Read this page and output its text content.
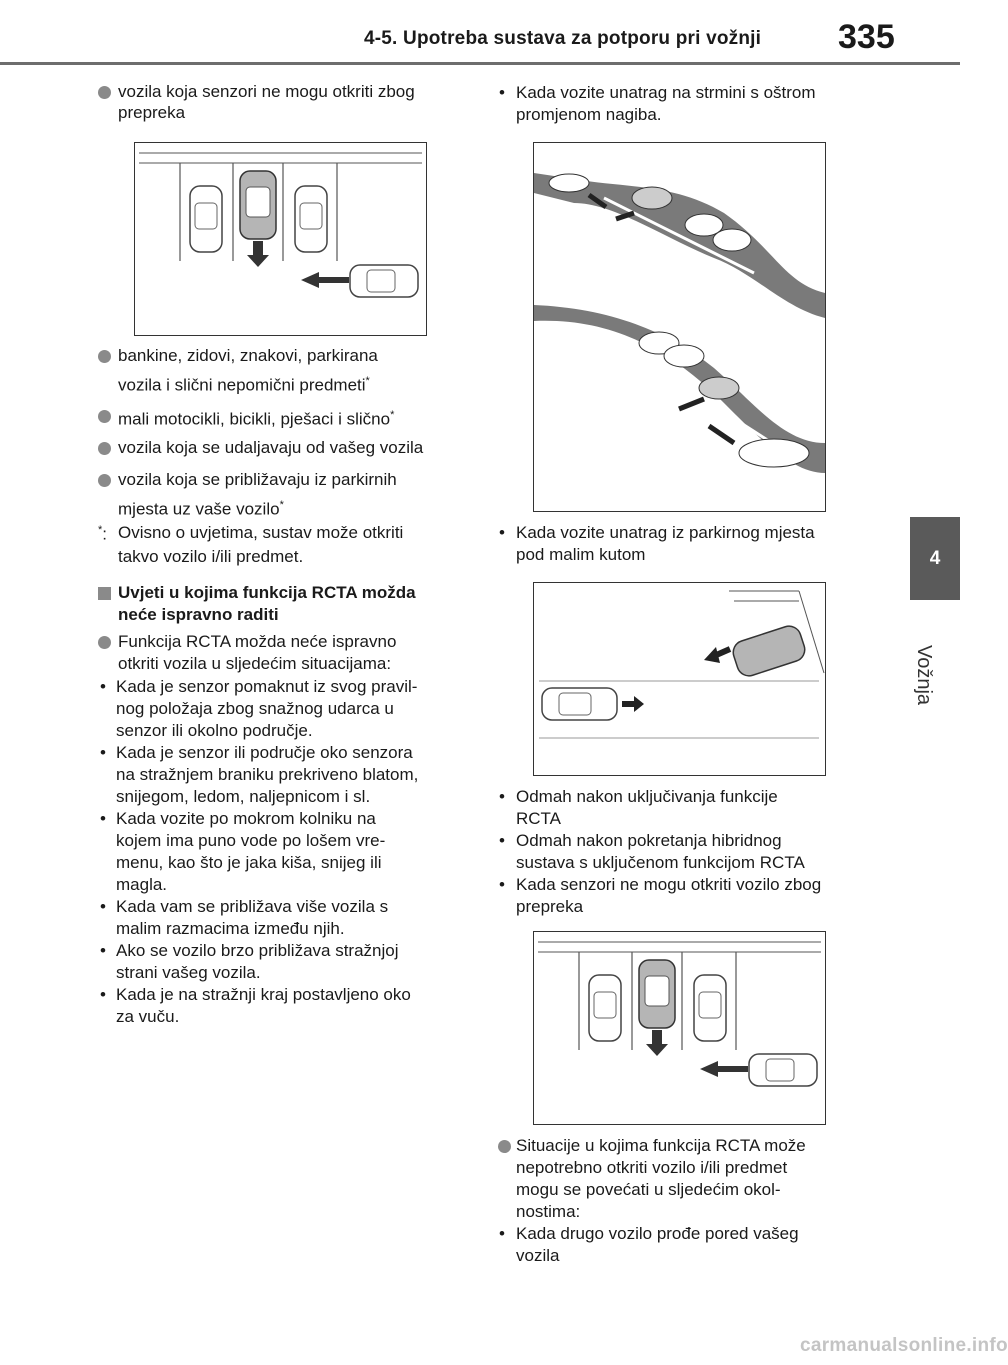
4-5. Upotreba sustava za potporu pri vožnji 335
4
Vožnja

vozila koja senzori ne mogu otkriti zbog

prepreka

bankine, zidovi, znakovi, parkirana

vozila i slični nepomični predmeti*

mali motocikli, bicikli, pješaci i slično*

vozila koja se udaljavaju od vašeg vozila

vozila koja se približavaju iz parkirnih

mjesta uz vaše vozilo*

*: Ovisno o uvjetima, sustav može otkriti

takvo vozilo i/ili predmet.

Uvjeti u kojima funkcija RCTA možda

neće ispravno raditi

Funkcija RCTA možda neće ispravno

otkriti vozila u sljedećim situacijama:

• Kada je senzor pomaknut iz svog pravil-

nog položaja zbog snažnog udarca u

senzor ili okolno područje.

• Kada je senzor ili područje oko senzora

na stražnjem braniku prekriveno blatom,

snijegom, ledom, naljepnicom i sl.

• Kada vozite po mokrom kolniku na

kojem ima puno vode po lošem vre-

menu, kao što je jaka kiša, snijeg ili

magla.

• Kada vam se približava više vozila s

malim razmacima između njih.

• Ako se vozilo brzo približava stražnjoj

strani vašeg vozila.

• Kada je na stražnji kraj postavljeno oko

za vuču.

• Kada vozite unatrag na strmini s oštrom

promjenom nagiba.

• Kada vozite unatrag iz parkirnog mjesta

pod malim kutom

• Odmah nakon uključivanja funkcije

RCTA

• Odmah nakon pokretanja hibridnog

sustava s uključenom funkcijom RCTA

• Kada senzori ne mogu otkriti vozilo zbog

prepreka

Situacije u kojima funkcija RCTA može

nepotrebno otkriti vozilo i/ili predmet

mogu se povećati u sljedećim okol-

nostima:

• Kada drugo vozilo prođe pored vašeg

vozila

carmanualsonline.info
